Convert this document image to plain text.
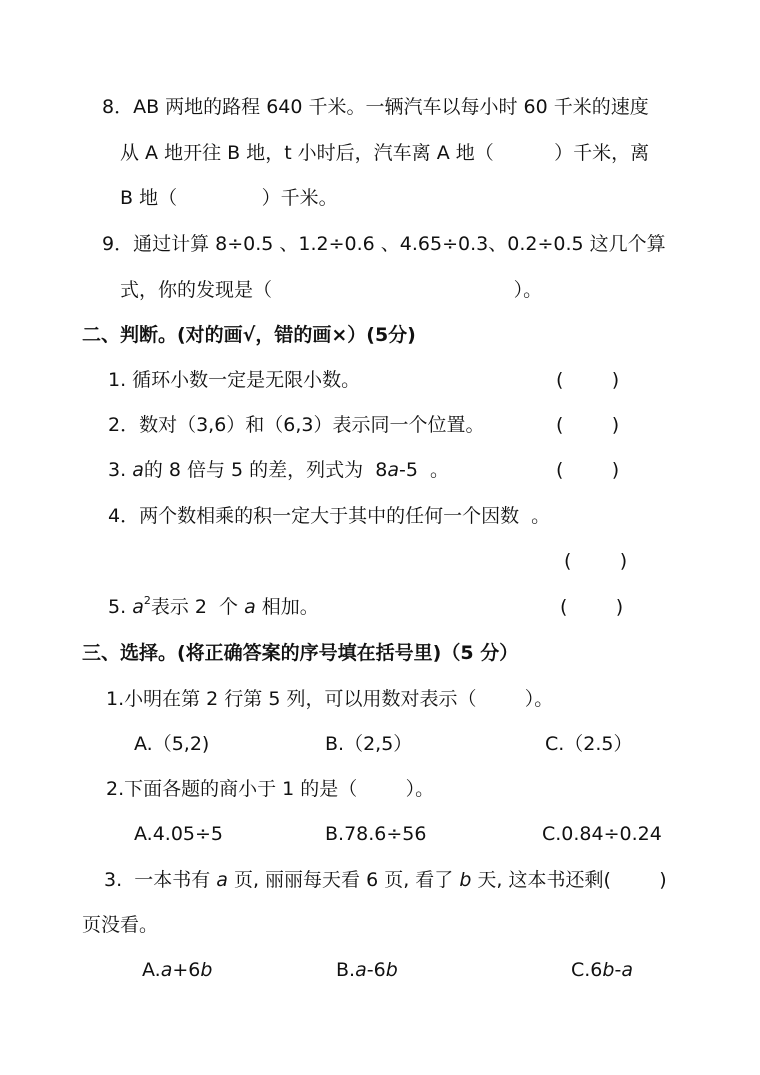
8．AB 两地的路程 640 千米。一辆汽车以每小时 60 千米的速度
从 A 地开往 B 地，t 小时后，汽车离 A 地（          ）千米，离
B 地（              ）千米。
9．通过计算 8÷0.5 、1.2÷0.6 、4.65÷0.3、0.2÷0.5 这几个算
式，你的发现是（                                        ）。
二、判断。(对的画√，错的画×）(5分)
1. 循环小数一定是无限小数。	(        )
2．数对（3,6）和（6,3）表示同一个位置。	(        )
3. a的 8 倍与 5 的差，列式为  8a-5  。	(        )
4．两个数相乘的积一定大于其中的任何一个因数  。
(        )
5. $a^2$表示 2  个 a 相加。	(        )
三、选择。(将正确答案的序号填在括号里)（5 分）
1.小明在第 2 行第 5 列，可以用数对表示（        ）。
A.（5,2)	B.（2,5）	C.（2.5）
2.下面各题的商小于 1 的是（        ）。
A.4.05÷5	B.78.6÷56	C.0.84÷0.24
3.  一本书有 a 页, 丽丽每天看 6 页, 看了 b 天, 这本书还剩(        )
页没看。
A.a+6b	B.a-6b	C.6b-a
